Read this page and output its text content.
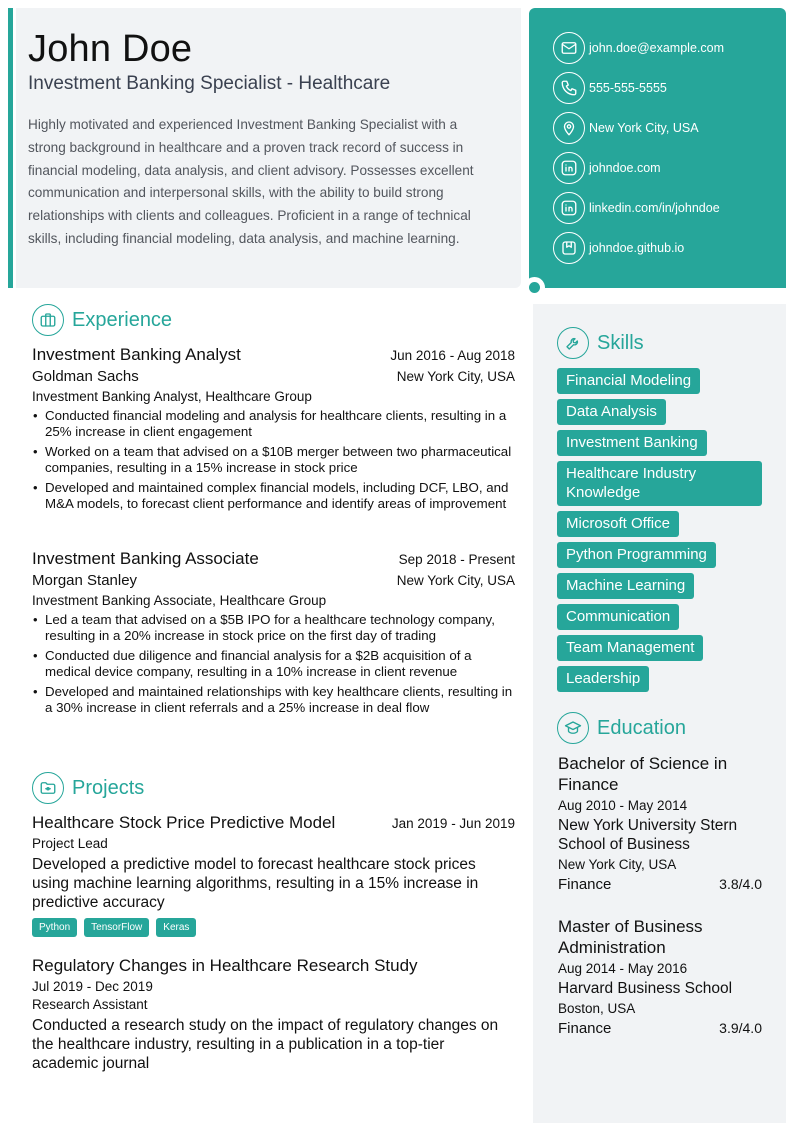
John Doe
Investment Banking Specialist - Healthcare
Highly motivated and experienced Investment Banking Specialist with a strong background in healthcare and a proven track record of success in financial modeling, data analysis, and client advisory. Possesses excellent communication and interpersonal skills, with the ability to build strong relationships with clients and colleagues. Proficient in a range of technical skills, including financial modeling, data analysis, and machine learning.
john.doe@example.com
555-555-5555
New York City, USA
johndoe.com
linkedin.com/in/johndoe
johndoe.github.io
Experience
Investment Banking Analyst	Jun 2016 - Aug 2018
Goldman Sachs	New York City, USA
Investment Banking Analyst, Healthcare Group
• Conducted financial modeling and analysis for healthcare clients, resulting in a 25% increase in client engagement
• Worked on a team that advised on a $10B merger between two pharmaceutical companies, resulting in a 15% increase in stock price
• Developed and maintained complex financial models, including DCF, LBO, and M&A models, to forecast client performance and identify areas of improvement
Investment Banking Associate	Sep 2018 - Present
Morgan Stanley	New York City, USA
Investment Banking Associate, Healthcare Group
• Led a team that advised on a $5B IPO for a healthcare technology company, resulting in a 20% increase in stock price on the first day of trading
• Conducted due diligence and financial analysis for a $2B acquisition of a medical device company, resulting in a 10% increase in client revenue
• Developed and maintained relationships with key healthcare clients, resulting in a 30% increase in client referrals and a 25% increase in deal flow
Projects
Healthcare Stock Price Predictive Model	Jan 2019 - Jun 2019
Project Lead
Developed a predictive model to forecast healthcare stock prices using machine learning algorithms, resulting in a 15% increase in predictive accuracy
Python	TensorFlow	Keras
Regulatory Changes in Healthcare Research Study
Jul 2019 - Dec 2019
Research Assistant
Conducted a research study on the impact of regulatory changes on the healthcare industry, resulting in a publication in a top-tier academic journal
Skills
Financial Modeling
Data Analysis
Investment Banking
Healthcare Industry Knowledge
Microsoft Office
Python Programming
Machine Learning
Communication
Team Management
Leadership
Education
Bachelor of Science in Finance
Aug 2010 - May 2014
New York University Stern School of Business
New York City, USA
Finance	3.8/4.0
Master of Business Administration
Aug 2014 - May 2016
Harvard Business School
Boston, USA
Finance	3.9/4.0
